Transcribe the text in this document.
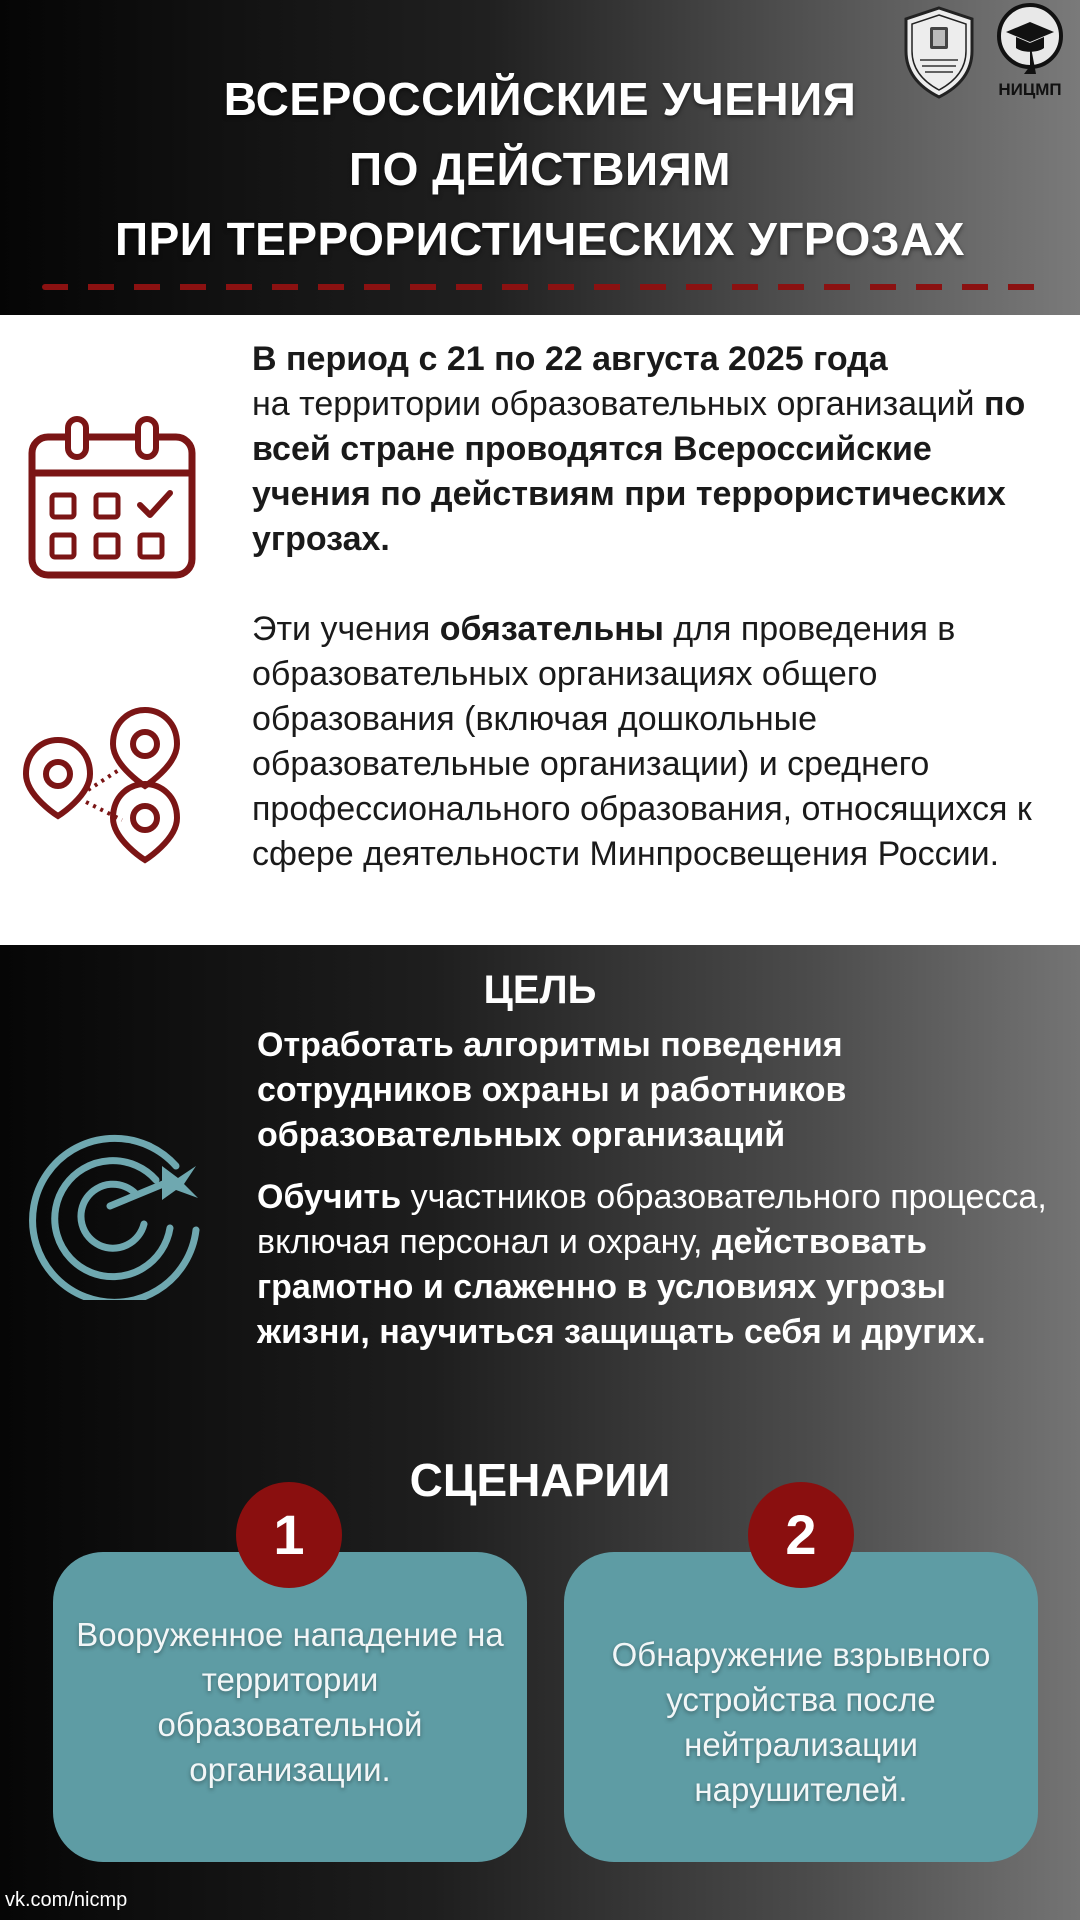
ВСЕРОССИЙСКИЕ УЧЕНИЯ
ПО ДЕЙСТВИЯМ
ПРИ ТЕРРОРИСТИЧЕСКИХ УГРОЗАХ
НИЦМП
В период с 21 по 22 августа 2025 года
на территории образовательных организаций по всей стране проводятся Всероссийские учения по действиям при террористических угрозах.
Эти учения обязательны для проведения в образовательных организациях общего образования (включая дошкольные образовательные организации) и среднего профессионального образования, относящихся к сфере деятельности Минпросвещения России.
ЦЕЛЬ
Отработать алгоритмы поведения сотрудников охраны и работников образовательных организаций
Обучить участников образовательного процесса, включая персонал и охрану, действовать грамотно и слаженно в условиях угрозы жизни, научиться защищать себя и других.
СЦЕНАРИИ
Вооруженное нападение на территории образовательной организации.
Обнаружение взрывного устройства после нейтрализации нарушителей.
1	2
vk.com/nicmp
